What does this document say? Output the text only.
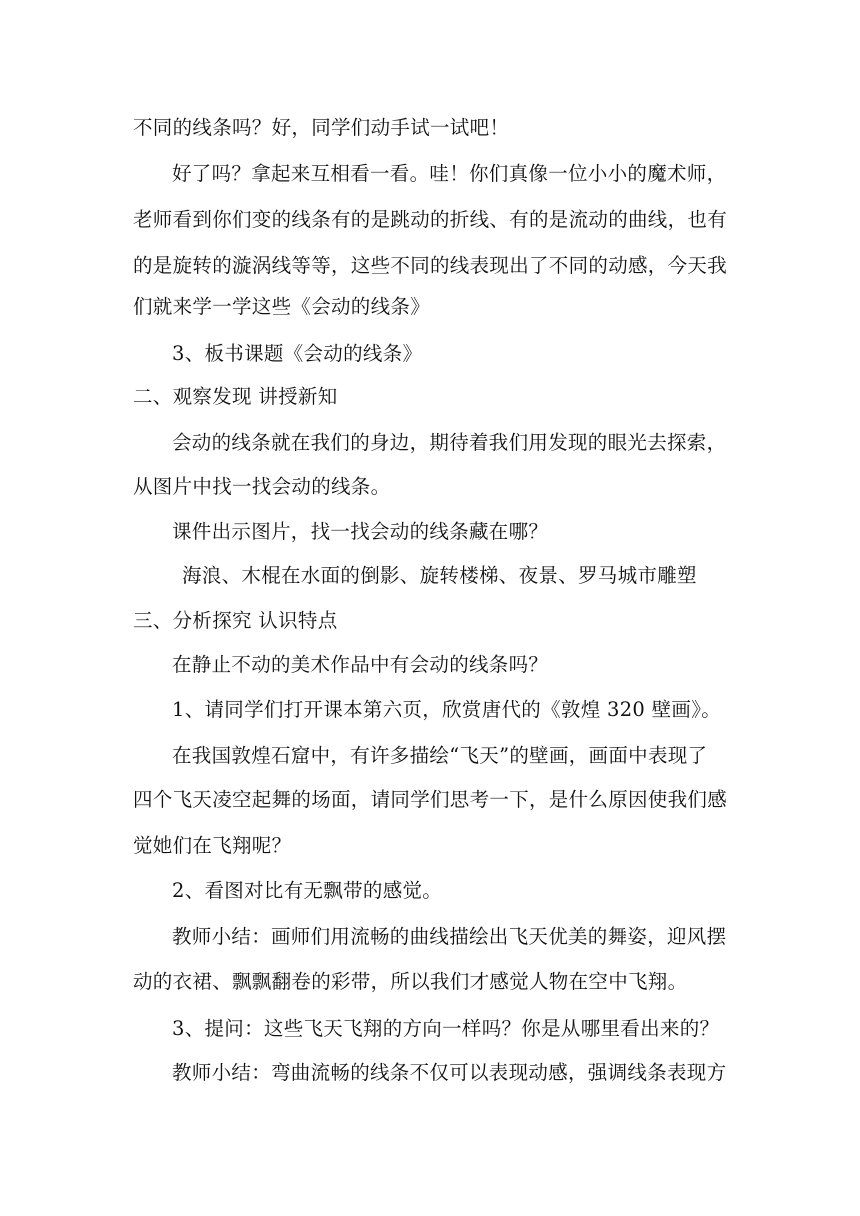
不同的线条吗？好，同学们动手试一试吧！
好了吗？拿起来互相看一看。哇！你们真像一位小小的魔术师，
老师看到你们变的线条有的是跳动的折线、有的是流动的曲线，也有
的是旋转的漩涡线等等，这些不同的线表现出了不同的动感，今天我
们就来学一学这些《会动的线条》
3、板书课题《会动的线条》
二、观察发现 讲授新知
会动的线条就在我们的身边，期待着我们用发现的眼光去探索，
从图片中找一找会动的线条。
课件出示图片，找一找会动的线条藏在哪？
海浪、木棍在水面的倒影、旋转楼梯、夜景、罗马城市雕塑
三、分析探究 认识特点
在静止不动的美术作品中有会动的线条吗？
1、请同学们打开课本第六页，欣赏唐代的《敦煌 320 壁画》。
在我国敦煌石窟中，有许多描绘“飞天”的壁画，画面中表现了
四个飞天凌空起舞的场面，请同学们思考一下，是什么原因使我们感
觉她们在飞翔呢？
2、看图对比有无飘带的感觉。
教师小结：画师们用流畅的曲线描绘出飞天优美的舞姿，迎风摆
动的衣裙、飘飘翻卷的彩带，所以我们才感觉人物在空中飞翔。
3、提问：这些飞天飞翔的方向一样吗？你是从哪里看出来的？
教师小结：弯曲流畅的线条不仅可以表现动感，强调线条表现方
